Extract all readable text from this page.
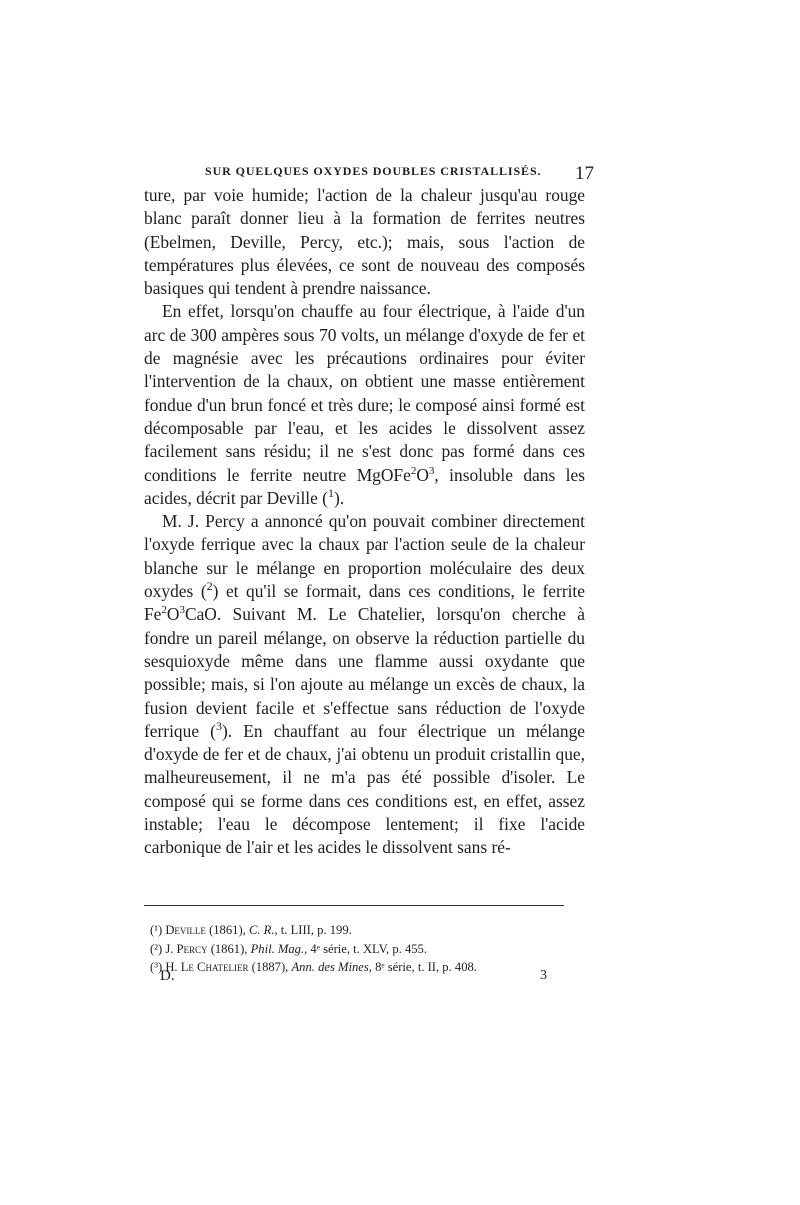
SUR QUELQUES OXYDES DOUBLES CRISTALLISÉS.	17

ture, par voie humide; l'action de la chaleur jusqu'au rouge blanc paraît donner lieu à la formation de ferrites neutres (Ebelmen, Deville, Percy, etc.); mais, sous l'action de températures plus élevées, ce sont de nouveau des composés basiques qui tendent à prendre naissance.

En effet, lorsqu'on chauffe au four électrique, à l'aide d'un arc de 300 ampères sous 70 volts, un mélange d'oxyde de fer et de magnésie avec les précautions ordinaires pour éviter l'intervention de la chaux, on obtient une masse entièrement fondue d'un brun foncé et très dure; le composé ainsi formé est décomposable par l'eau, et les acides le dissolvent assez facilement sans résidu; il ne s'est donc pas formé dans ces conditions le ferrite neutre $MgOFe^2O^3$, insoluble dans les acides, décrit par Deville ($^1$).

M. J. Percy a annoncé qu'on pouvait combiner directement l'oxyde ferrique avec la chaux par l'action seule de la chaleur blanche sur le mélange en proportion moléculaire des deux oxydes ($^2$) et qu'il se formait, dans ces conditions, le ferrite $Fe^2O^3CaO$. Suivant M. Le Chatelier, lorsqu'on cherche à fondre un pareil mélange, on observe la réduction partielle du sesquioxyde même dans une flamme aussi oxydante que possible; mais, si l'on ajoute au mélange un excès de chaux, la fusion devient facile et s'effectue sans réduction de l'oxyde ferrique ($^3$). En chauffant au four électrique un mélange d'oxyde de fer et de chaux, j'ai obtenu un produit cristallin que, malheureusement, il ne m'a pas été possible d'isoler. Le composé qui se forme dans ces conditions est, en effet, assez instable; l'eau le décompose lentement; il fixe l'acide carbonique de l'air et les acides le dissolvent sans ré-

(¹) Deville (1861), C. R., t. LIII, p. 199.

(²) J. Percy (1861), Phil. Mag., 4ᵉ série, t. XLV, p. 455.

(³) H. Le Chatelier (1887), Ann. des Mines, 8ᵉ série, t. II, p. 408.

D.	3
